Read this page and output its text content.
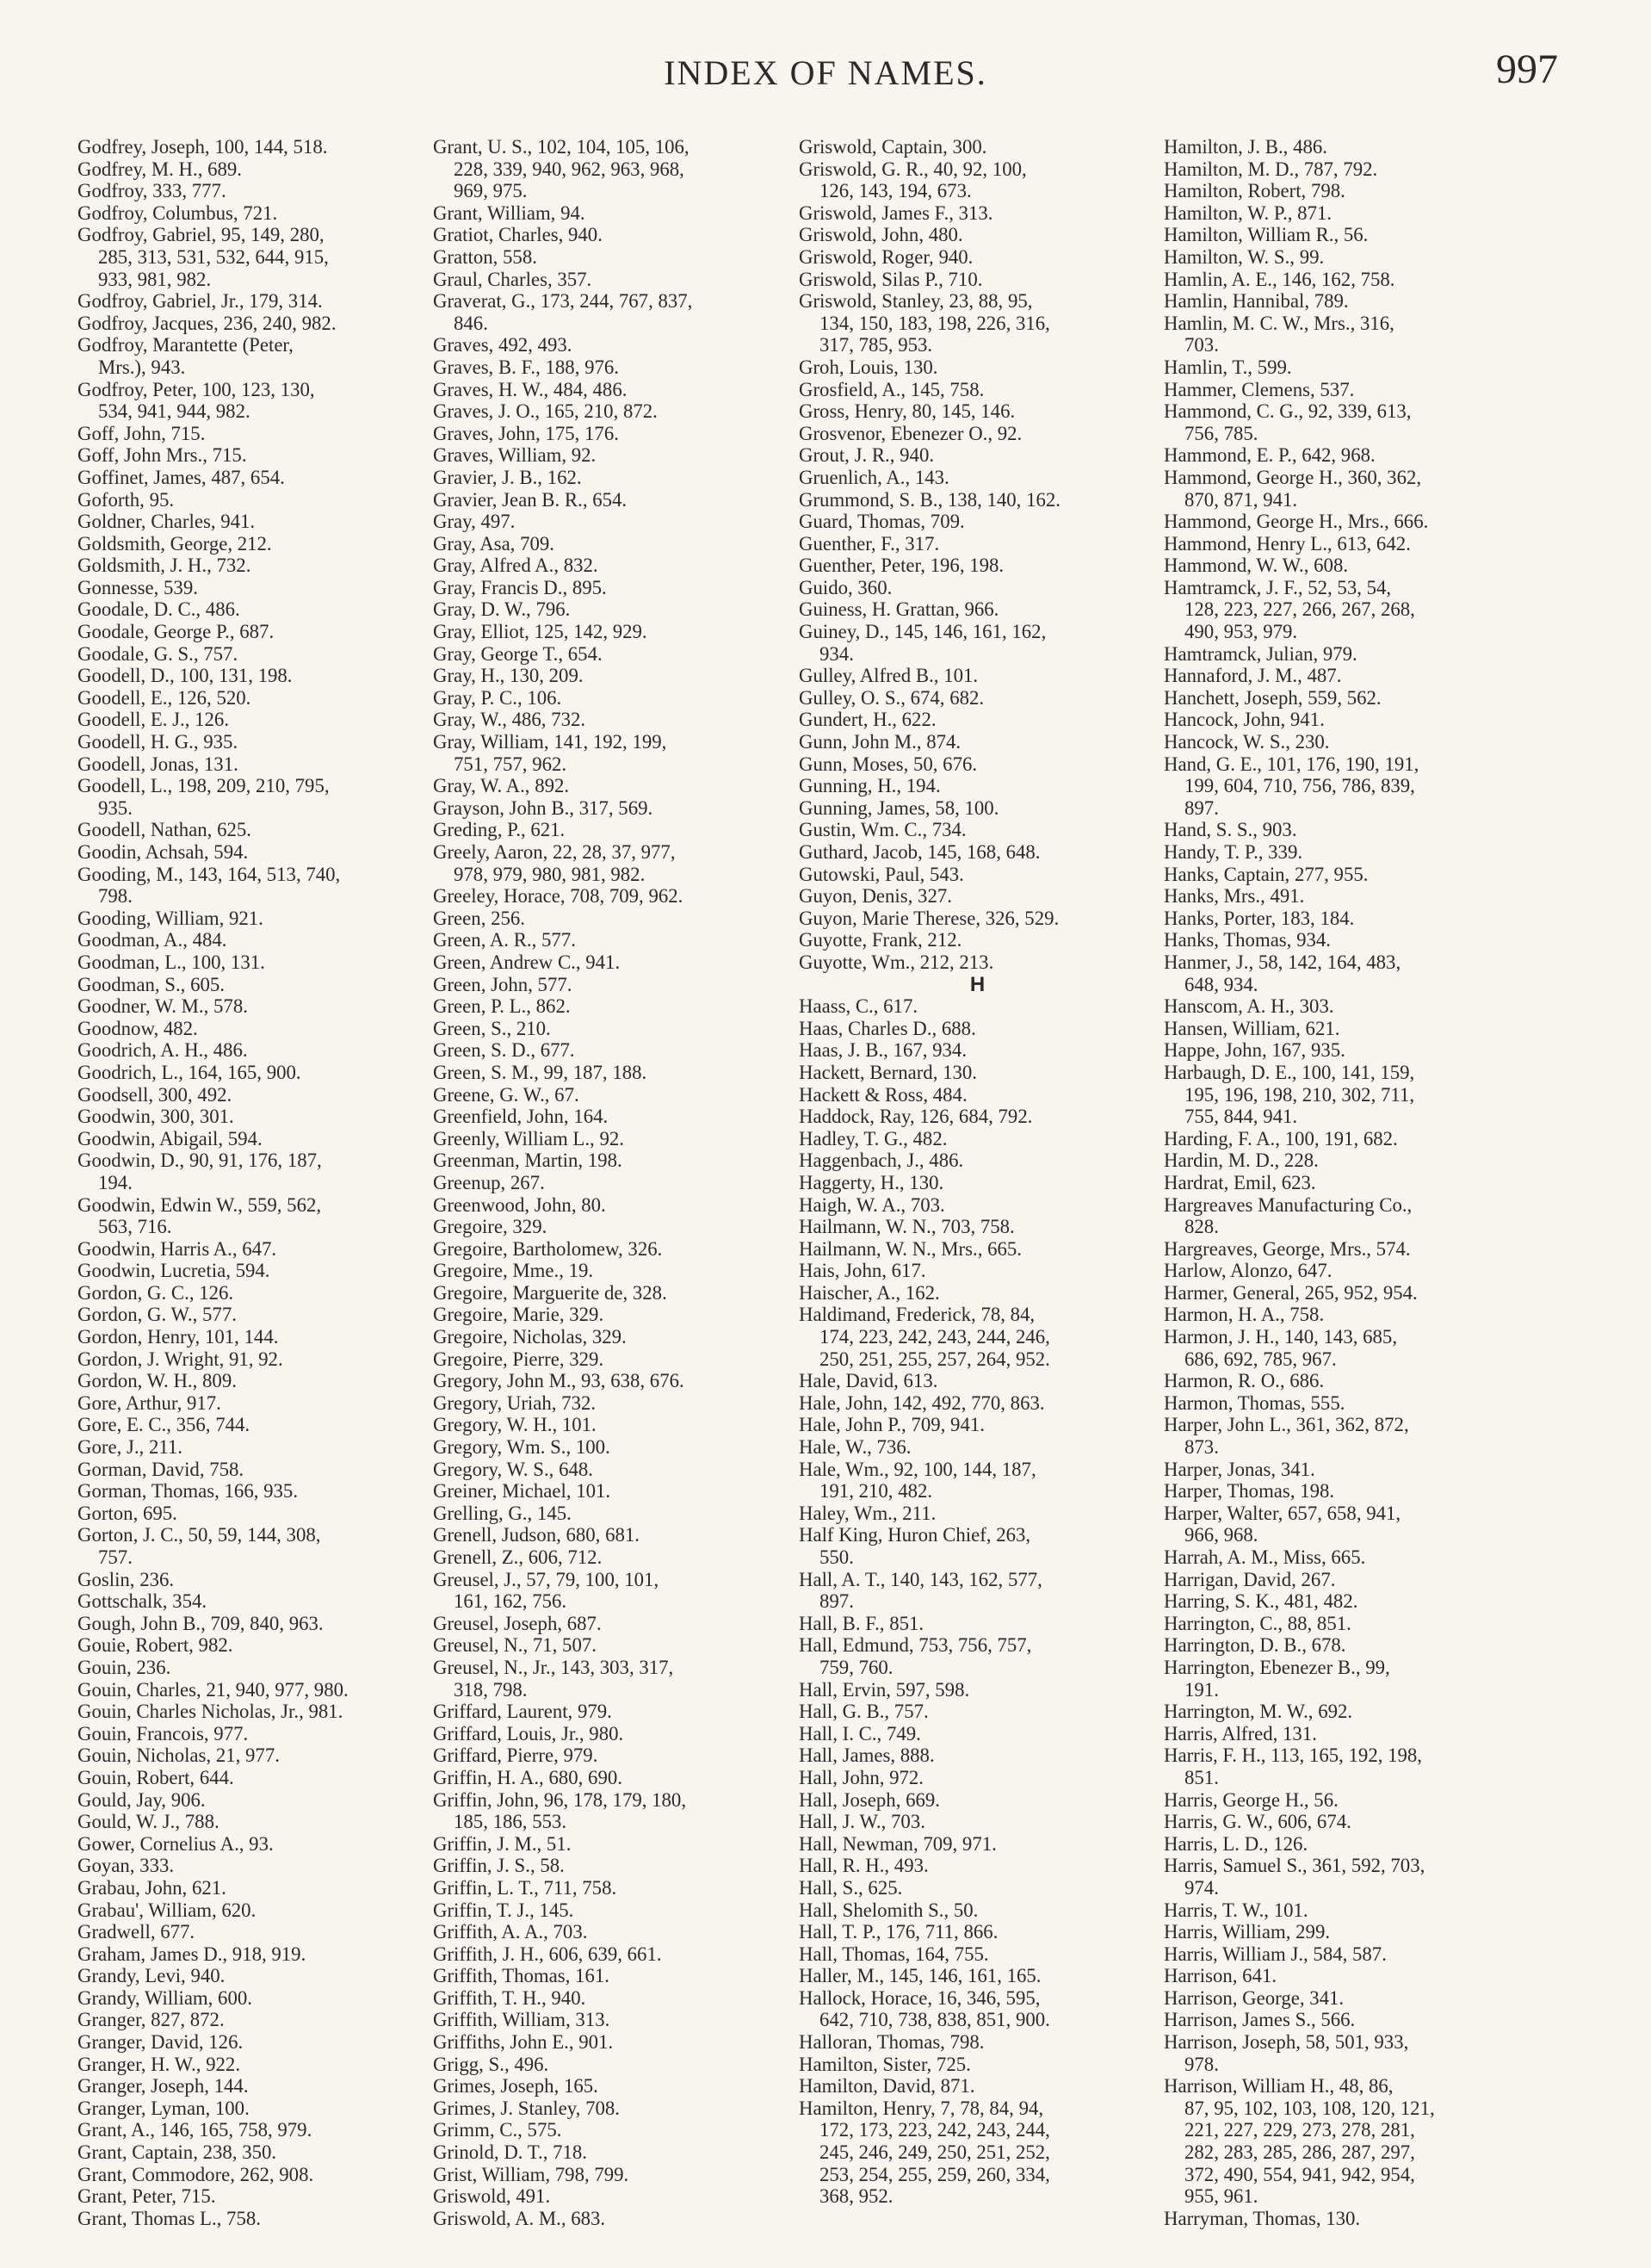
INDEX OF NAMES.	997
Godfrey, Joseph, 100, 144, 518.
Godfrey, M. H., 689.
Godfroy, 333, 777.
Godfroy, Columbus, 721.
Godfroy, Gabriel, 95, 149, 280,
285, 313, 531, 532, 644, 915,
933, 981, 982.
Godfroy, Gabriel, Jr., 179, 314.
Godfroy, Jacques, 236, 240, 982.
Godfroy, Marantette (Peter,
Mrs.), 943.
Godfroy, Peter, 100, 123, 130,
534, 941, 944, 982.
Goff, John, 715.
Goff, John Mrs., 715.
Goffinet, James, 487, 654.
Goforth, 95.
Goldner, Charles, 941.
Goldsmith, George, 212.
Goldsmith, J. H., 732.
Gonnesse, 539.
Goodale, D. C., 486.
Goodale, George P., 687.
Goodale, G. S., 757.
Goodell, D., 100, 131, 198.
Goodell, E., 126, 520.
Goodell, E. J., 126.
Goodell, H. G., 935.
Goodell, Jonas, 131.
Goodell, L., 198, 209, 210, 795,
935.
Goodell, Nathan, 625.
Goodin, Achsah, 594.
Gooding, M., 143, 164, 513, 740,
798.
Gooding, William, 921.
Goodman, A., 484.
Goodman, L., 100, 131.
Goodman, S., 605.
Goodner, W. M., 578.
Goodnow, 482.
Goodrich, A. H., 486.
Goodrich, L., 164, 165, 900.
Goodsell, 300, 492.
Goodwin, 300, 301.
Goodwin, Abigail, 594.
Goodwin, D., 90, 91, 176, 187,
194.
Goodwin, Edwin W., 559, 562,
563, 716.
Goodwin, Harris A., 647.
Goodwin, Lucretia, 594.
Gordon, G. C., 126.
Gordon, G. W., 577.
Gordon, Henry, 101, 144.
Gordon, J. Wright, 91, 92.
Gordon, W. H., 809.
Gore, Arthur, 917.
Gore, E. C., 356, 744.
Gore, J., 211.
Gorman, David, 758.
Gorman, Thomas, 166, 935.
Gorton, 695.
Gorton, J. C., 50, 59, 144, 308,
757.
Goslin, 236.
Gottschalk, 354.
Gough, John B., 709, 840, 963.
Gouie, Robert, 982.
Gouin, 236.
Gouin, Charles, 21, 940, 977, 980.
Gouin, Charles Nicholas, Jr., 981.
Gouin, Francois, 977.
Gouin, Nicholas, 21, 977.
Gouin, Robert, 644.
Gould, Jay, 906.
Gould, W. J., 788.
Gower, Cornelius A., 93.
Goyan, 333.
Grabau, John, 621.
Grabau', William, 620.
Gradwell, 677.
Graham, James D., 918, 919.
Grandy, Levi, 940.
Grandy, William, 600.
Granger, 827, 872.
Granger, David, 126.
Granger, H. W., 922.
Granger, Joseph, 144.
Granger, Lyman, 100.
Grant, A., 146, 165, 758, 979.
Grant, Captain, 238, 350.
Grant, Commodore, 262, 908.
Grant, Peter, 715.
Grant, Thomas L., 758.
Grant, U. S., 102, 104, 105, 106,
228, 339, 940, 962, 963, 968,
969, 975.
Grant, William, 94.
Gratiot, Charles, 940.
Gratton, 558.
Graul, Charles, 357.
Graverat, G., 173, 244, 767, 837,
846.
Graves, 492, 493.
Graves, B. F., 188, 976.
Graves, H. W., 484, 486.
Graves, J. O., 165, 210, 872.
Graves, John, 175, 176.
Graves, William, 92.
Gravier, J. B., 162.
Gravier, Jean B. R., 654.
Gray, 497.
Gray, Asa, 709.
Gray, Alfred A., 832.
Gray, Francis D., 895.
Gray, D. W., 796.
Gray, Elliot, 125, 142, 929.
Gray, George T., 654.
Gray, H., 130, 209.
Gray, P. C., 106.
Gray, W., 486, 732.
Gray, William, 141, 192, 199,
751, 757, 962.
Gray, W. A., 892.
Grayson, John B., 317, 569.
Greding, P., 621.
Greely, Aaron, 22, 28, 37, 977,
978, 979, 980, 981, 982.
Greeley, Horace, 708, 709, 962.
Green, 256.
Green, A. R., 577.
Green, Andrew C., 941.
Green, John, 577.
Green, P. L., 862.
Green, S., 210.
Green, S. D., 677.
Green, S. M., 99, 187, 188.
Greene, G. W., 67.
Greenfield, John, 164.
Greenly, William L., 92.
Greenman, Martin, 198.
Greenup, 267.
Greenwood, John, 80.
Gregoire, 329.
Gregoire, Bartholomew, 326.
Gregoire, Mme., 19.
Gregoire, Marguerite de, 328.
Gregoire, Marie, 329.
Gregoire, Nicholas, 329.
Gregoire, Pierre, 329.
Gregory, John M., 93, 638, 676.
Gregory, Uriah, 732.
Gregory, W. H., 101.
Gregory, Wm. S., 100.
Gregory, W. S., 648.
Greiner, Michael, 101.
Grelling, G., 145.
Grenell, Judson, 680, 681.
Grenell, Z., 606, 712.
Greusel, J., 57, 79, 100, 101,
161, 162, 756.
Greusel, Joseph, 687.
Greusel, N., 71, 507.
Greusel, N., Jr., 143, 303, 317,
318, 798.
Griffard, Laurent, 979.
Griffard, Louis, Jr., 980.
Griffard, Pierre, 979.
Griffin, H. A., 680, 690.
Griffin, John, 96, 178, 179, 180,
185, 186, 553.
Griffin, J. M., 51.
Griffin, J. S., 58.
Griffin, L. T., 711, 758.
Griffin, T. J., 145.
Griffith, A. A., 703.
Griffith, J. H., 606, 639, 661.
Griffith, Thomas, 161.
Griffith, T. H., 940.
Griffith, William, 313.
Griffiths, John E., 901.
Grigg, S., 496.
Grimes, Joseph, 165.
Grimes, J. Stanley, 708.
Grimm, C., 575.
Grinold, D. T., 718.
Grist, William, 798, 799.
Griswold, 491.
Griswold, A. M., 683.
Griswold, Captain, 300.
Griswold, G. R., 40, 92, 100,
126, 143, 194, 673.
Griswold, James F., 313.
Griswold, John, 480.
Griswold, Roger, 940.
Griswold, Silas P., 710.
Griswold, Stanley, 23, 88, 95,
134, 150, 183, 198, 226, 316,
317, 785, 953.
Groh, Louis, 130.
Grosfield, A., 145, 758.
Gross, Henry, 80, 145, 146.
Grosvenor, Ebenezer O., 92.
Grout, J. R., 940.
Gruenlich, A., 143.
Grummond, S. B., 138, 140, 162.
Guard, Thomas, 709.
Guenther, F., 317.
Guenther, Peter, 196, 198.
Guido, 360.
Guiness, H. Grattan, 966.
Guiney, D., 145, 146, 161, 162,
934.
Gulley, Alfred B., 101.
Gulley, O. S., 674, 682.
Gundert, H., 622.
Gunn, John M., 874.
Gunn, Moses, 50, 676.
Gunning, H., 194.
Gunning, James, 58, 100.
Gustin, Wm. C., 734.
Guthard, Jacob, 145, 168, 648.
Gutowski, Paul, 543.
Guyon, Denis, 327.
Guyon, Marie Therese, 326, 529.
Guyotte, Frank, 212.
Guyotte, Wm., 212, 213.
H
Haass, C., 617.
Haas, Charles D., 688.
Haas, J. B., 167, 934.
Hackett, Bernard, 130.
Hackett & Ross, 484.
Haddock, Ray, 126, 684, 792.
Hadley, T. G., 482.
Haggenbach, J., 486.
Haggerty, H., 130.
Haigh, W. A., 703.
Hailmann, W. N., 703, 758.
Hailmann, W. N., Mrs., 665.
Hais, John, 617.
Haischer, A., 162.
Haldimand, Frederick, 78, 84,
174, 223, 242, 243, 244, 246,
250, 251, 255, 257, 264, 952.
Hale, David, 613.
Hale, John, 142, 492, 770, 863.
Hale, John P., 709, 941.
Hale, W., 736.
Hale, Wm., 92, 100, 144, 187,
191, 210, 482.
Haley, Wm., 211.
Half King, Huron Chief, 263,
550.
Hall, A. T., 140, 143, 162, 577,
897.
Hall, B. F., 851.
Hall, Edmund, 753, 756, 757,
759, 760.
Hall, Ervin, 597, 598.
Hall, G. B., 757.
Hall, I. C., 749.
Hall, James, 888.
Hall, John, 972.
Hall, Joseph, 669.
Hall, J. W., 703.
Hall, Newman, 709, 971.
Hall, R. H., 493.
Hall, S., 625.
Hall, Shelomith S., 50.
Hall, T. P., 176, 711, 866.
Hall, Thomas, 164, 755.
Haller, M., 145, 146, 161, 165.
Hallock, Horace, 16, 346, 595,
642, 710, 738, 838, 851, 900.
Halloran, Thomas, 798.
Hamilton, Sister, 725.
Hamilton, David, 871.
Hamilton, Henry, 7, 78, 84, 94,
172, 173, 223, 242, 243, 244,
245, 246, 249, 250, 251, 252,
253, 254, 255, 259, 260, 334,
368, 952.
Hamilton, J. B., 486.
Hamilton, M. D., 787, 792.
Hamilton, Robert, 798.
Hamilton, W. P., 871.
Hamilton, William R., 56.
Hamilton, W. S., 99.
Hamlin, A. E., 146, 162, 758.
Hamlin, Hannibal, 789.
Hamlin, M. C. W., Mrs., 316,
703.
Hamlin, T., 599.
Hammer, Clemens, 537.
Hammond, C. G., 92, 339, 613,
756, 785.
Hammond, E. P., 642, 968.
Hammond, George H., 360, 362,
870, 871, 941.
Hammond, George H., Mrs., 666.
Hammond, Henry L., 613, 642.
Hammond, W. W., 608.
Hamtramck, J. F., 52, 53, 54,
128, 223, 227, 266, 267, 268,
490, 953, 979.
Hamtramck, Julian, 979.
Hannaford, J. M., 487.
Hanchett, Joseph, 559, 562.
Hancock, John, 941.
Hancock, W. S., 230.
Hand, G. E., 101, 176, 190, 191,
199, 604, 710, 756, 786, 839,
897.
Hand, S. S., 903.
Handy, T. P., 339.
Hanks, Captain, 277, 955.
Hanks, Mrs., 491.
Hanks, Porter, 183, 184.
Hanks, Thomas, 934.
Hanmer, J., 58, 142, 164, 483,
648, 934.
Hanscom, A. H., 303.
Hansen, William, 621.
Happe, John, 167, 935.
Harbaugh, D. E., 100, 141, 159,
195, 196, 198, 210, 302, 711,
755, 844, 941.
Harding, F. A., 100, 191, 682.
Hardin, M. D., 228.
Hardrat, Emil, 623.
Hargreaves Manufacturing Co.,
828.
Hargreaves, George, Mrs., 574.
Harlow, Alonzo, 647.
Harmer, General, 265, 952, 954.
Harmon, H. A., 758.
Harmon, J. H., 140, 143, 685,
686, 692, 785, 967.
Harmon, R. O., 686.
Harmon, Thomas, 555.
Harper, John L., 361, 362, 872,
873.
Harper, Jonas, 341.
Harper, Thomas, 198.
Harper, Walter, 657, 658, 941,
966, 968.
Harrah, A. M., Miss, 665.
Harrigan, David, 267.
Harring, S. K., 481, 482.
Harrington, C., 88, 851.
Harrington, D. B., 678.
Harrington, Ebenezer B., 99,
191.
Harrington, M. W., 692.
Harris, Alfred, 131.
Harris, F. H., 113, 165, 192, 198,
851.
Harris, George H., 56.
Harris, G. W., 606, 674.
Harris, L. D., 126.
Harris, Samuel S., 361, 592, 703,
974.
Harris, T. W., 101.
Harris, William, 299.
Harris, William J., 584, 587.
Harrison, 641.
Harrison, George, 341.
Harrison, James S., 566.
Harrison, Joseph, 58, 501, 933,
978.
Harrison, William H., 48, 86,
87, 95, 102, 103, 108, 120, 121,
221, 227, 229, 273, 278, 281,
282, 283, 285, 286, 287, 297,
372, 490, 554, 941, 942, 954,
955, 961.
Harryman, Thomas, 130.
